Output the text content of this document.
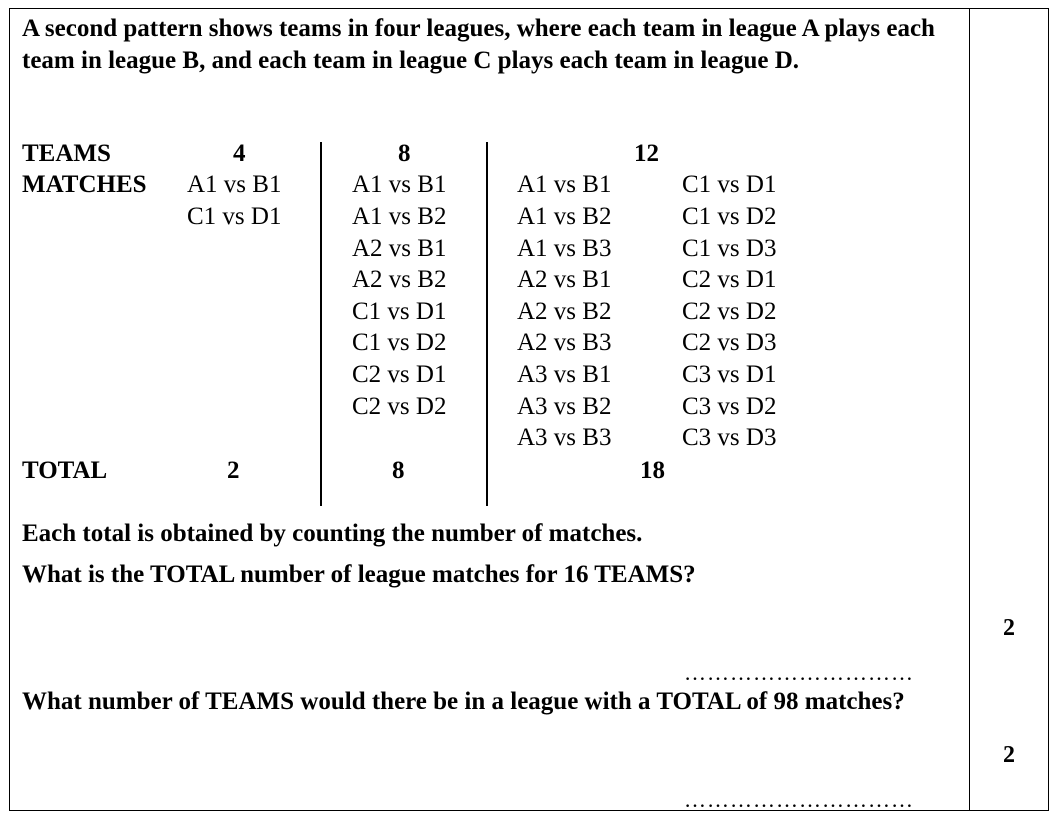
A second pattern shows teams in four leagues, where each team in league A plays each team in league B, and each team in league C plays each team in league D.
TEAMS
MATCHES
TOTAL
4
A1 vs B1
C1 vs D1
2
8
A1 vs B1
A1 vs B2
A2 vs B1
A2 vs B2
C1 vs D1
C1 vs D2
C2 vs D1
C2 vs D2
8
12
A1 vs B1
A1 vs B2
A1 vs B3
A2 vs B1
A2 vs B2
A2 vs B3
A3 vs B1
A3 vs B2
A3 vs B3
C1 vs D1
C1 vs D2
C1 vs D3
C2 vs D1
C2 vs D2
C2 vs D3
C3 vs D1
C3 vs D2
C3 vs D3
18
Each total is obtained by counting the number of matches.
What is the TOTAL number of league matches for 16 TEAMS?
2
…………………………
What number of TEAMS would there be in a league with a TOTAL of 98 matches?
2
…………………………
